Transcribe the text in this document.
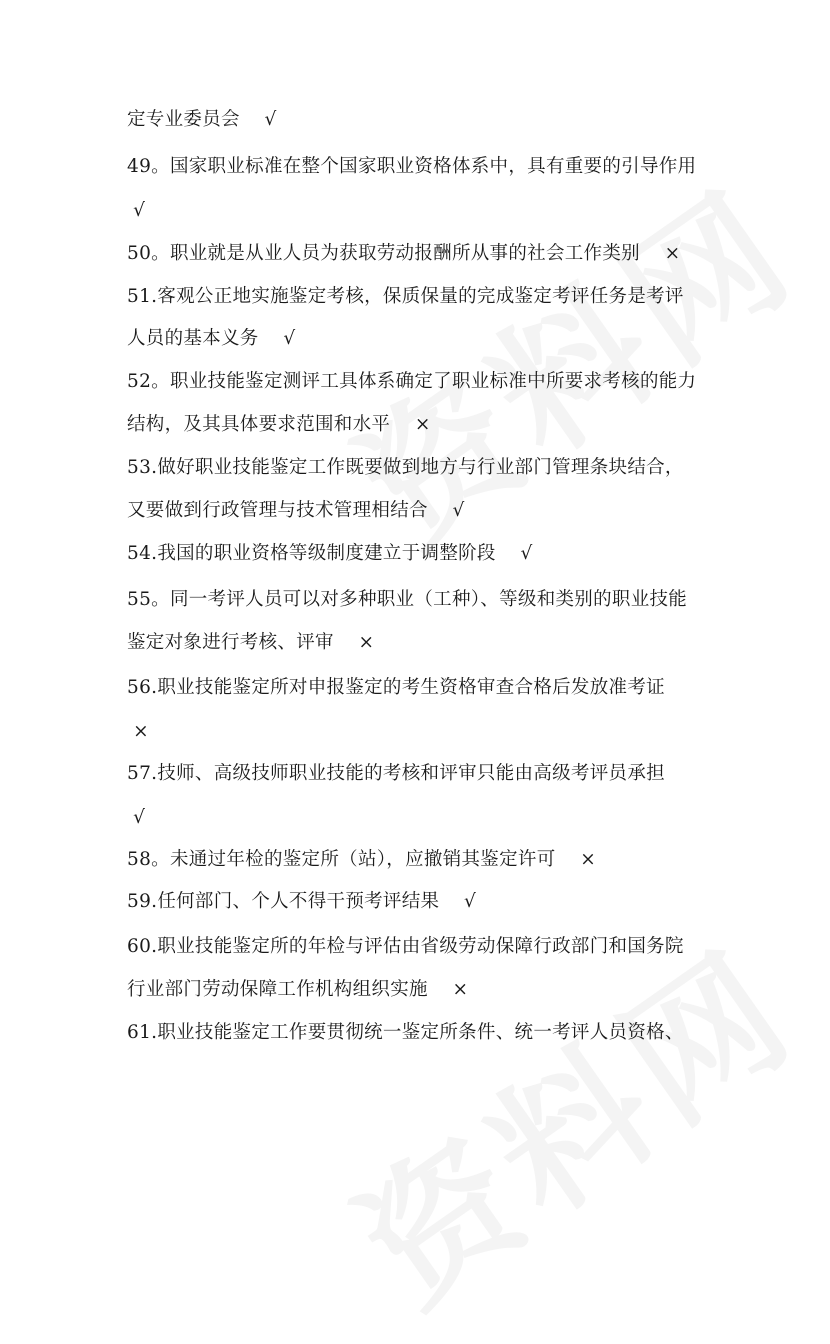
定专业委员会    √
49。国家职业标准在整个国家职业资格体系中，具有重要的引导作用
√
50。职业就是从业人员为获取劳动报酬所从事的社会工作类别    ×
51.客观公正地实施鉴定考核，保质保量的完成鉴定考评任务是考评
人员的基本义务    √
52。职业技能鉴定测评工具体系确定了职业标准中所要求考核的能力
结构，及其具体要求范围和水平    ×
53.做好职业技能鉴定工作既要做到地方与行业部门管理条块结合，
又要做到行政管理与技术管理相结合    √
54.我国的职业资格等级制度建立于调整阶段    √
55。同一考评人员可以对多种职业（工种）、等级和类别的职业技能
鉴定对象进行考核、评审    ×
56.职业技能鉴定所对申报鉴定的考生资格审查合格后发放准考证
×
57.技师、高级技师职业技能的考核和评审只能由高级考评员承担
√
58。未通过年检的鉴定所（站），应撤销其鉴定许可    ×
59.任何部门、个人不得干预考评结果    √
60.职业技能鉴定所的年检与评估由省级劳动保障行政部门和国务院
行业部门劳动保障工作机构组织实施    ×
61.职业技能鉴定工作要贯彻统一鉴定所条件、统一考评人员资格、
